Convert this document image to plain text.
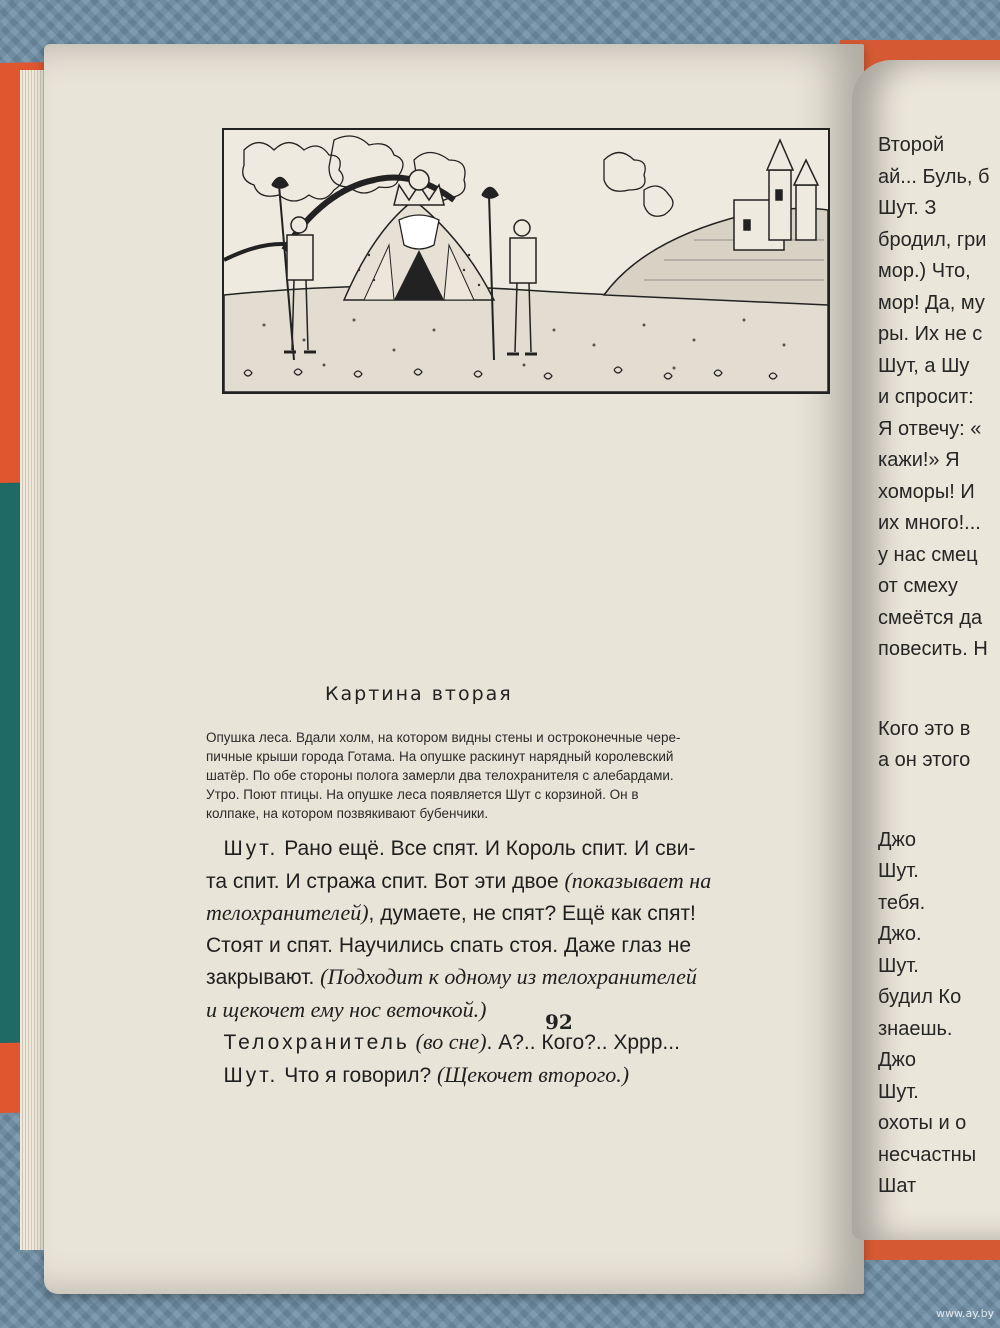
Картина вторая

Опушка леса. Вдали холм, на котором видны стены и остроконечные чере-

пичные крыши города Готама. На опушке раскинут нарядный королевский

шатёр. По обе стороны полога замерли два телохранителя с алебардами.

Утро. Поют птицы. На опушке леса появляется Шут с корзиной. Он в

колпаке, на котором позвякивают бубенчики.

Шут. Рано ещё. Все спят. И Король спит. И сви-
та спит. И стража спит. Вот эти двое (показывает на
телохранителей), думаете, не спят? Ещё как спят!
Стоят и спят. Научились спать стоя. Даже глаз не
закрывают. (Подходит к одному из телохранителей
и щекочет ему нос веточкой.)
Телохранитель (во сне). А?.. Кого?.. Хррр...
Шут. Что я говорил? (Щекочет второго.)
92
Второй
ай... Буль, б
Шут. З
бродил, гри
мор.) Что,
мор! Да, му
ры. Их не с
Шут, а Шу
и спросит:
Я отвечу: «
кажи!» Я
хоморы! И
их много!...
у нас смец
от смеху
смеётся да
повесить. Н
Кого это в
а он этого
Джо
Шут.
тебя.
Джо.
Шут.
будил Ко
знаешь.
Джо
Шут.
охоты и о
несчастны
Шат
www.ay.by
